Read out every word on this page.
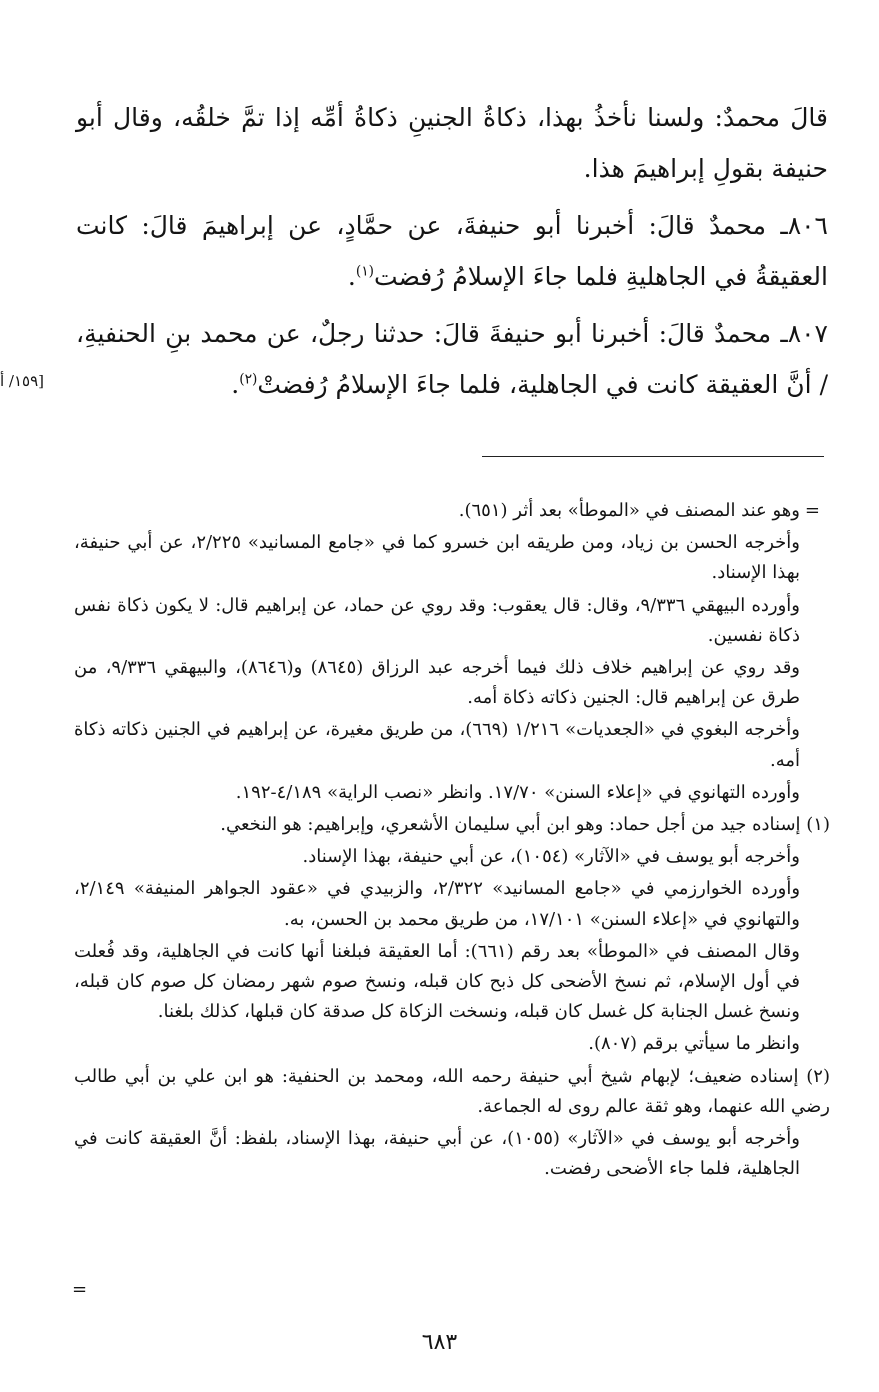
قالَ محمدٌ: ولسنا نأخذُ بهذا، ذكاةُ الجنينِ ذكاةُ أمِّه إذا تمَّ خلقُه، وقال أبو حنيفة بقولِ إبراهيمَ هذا.

٨٠٦ـ محمدٌ قالَ: أخبرنا أبو حنيفةَ، عن حمَّادٍ، عن إبراهيمَ قالَ: كانت العقيقةُ في الجاهليةِ فلما جاءَ الإسلامُ رُفضت$^{(١)}$.

٨٠٧ـ محمدٌ قالَ: أخبرنا أبو حنيفةَ قالَ: حدثنا رجلٌ، عن محمد بنِ الحنفيةِ، / أنَّ العقيقة كانت في الجاهلية، فلما جاءَ الإسلامُ رُفضتْ$^{(٢)}$.

[١٥٩/ أ
=
وهو عند المصنف في «الموطأ» بعد أثر (٦٥١).
وأخرجه الحسن بن زياد، ومن طريقه ابن خسرو كما في «جامع المسانيد» ٢/٢٢٥، عن أبي حنيفة، بهذا الإسناد.
وأورده البيهقي ٩/٣٣٦، وقال: قال يعقوب: وقد روي عن حماد، عن إبراهيم قال: لا يكون ذكاة نفس ذكاة نفسين.
وقد روي عن إبراهيم خلاف ذلك فيما أخرجه عبد الرزاق (٨٦٤٥) و(٨٦٤٦)، والبيهقي ٩/٣٣٦، من طرق عن إبراهيم قال: الجنين ذكاته ذكاة أمه.
وأخرجه البغوي في «الجعديات» ١/٢١٦ (٦٦٩)، من طريق مغيرة، عن إبراهيم في الجنين ذكاته ذكاة أمه.
وأورده التهانوي في «إعلاء السنن» ١٧/٧٠. وانظر «نصب الراية» ٤/١٨٩-١٩٢.
(١) إسناده جيد من أجل حماد: وهو ابن أبي سليمان الأشعري، وإبراهيم: هو النخعي.
وأخرجه أبو يوسف في «الآثار» (١٠٥٤)، عن أبي حنيفة، بهذا الإسناد.
وأورده الخوارزمي في «جامع المسانيد» ٢/٣٢٢، والزبيدي في «عقود الجواهر المنيفة» ٢/١٤٩، والتهانوي في «إعلاء السنن» ١٧/١٠١، من طريق محمد بن الحسن، به.
وقال المصنف في «الموطأ» بعد رقم (٦٦١): أما العقيقة فبلغنا أنها كانت في الجاهلية، وقد فُعلت في أول الإسلام، ثم نسخ الأضحى كل ذبح كان قبله، ونسخ صوم شهر رمضان كل صوم كان قبله، ونسخ غسل الجنابة كل غسل كان قبله، ونسخت الزكاة كل صدقة كان قبلها، كذلك بلغنا.
وانظر ما سيأتي برقم (٨٠٧).
(٢) إسناده ضعيف؛ لإبهام شيخ أبي حنيفة رحمه الله، ومحمد بن الحنفية: هو ابن علي بن أبي طالب رضي الله عنهما، وهو ثقة عالم روى له الجماعة.
وأخرجه أبو يوسف في «الآثار» (١٠٥٥)، عن أبي حنيفة، بهذا الإسناد، بلفظ: أنَّ العقيقة كانت في الجاهلية، فلما جاء الأضحى رفضت.
=
٦٨٣
